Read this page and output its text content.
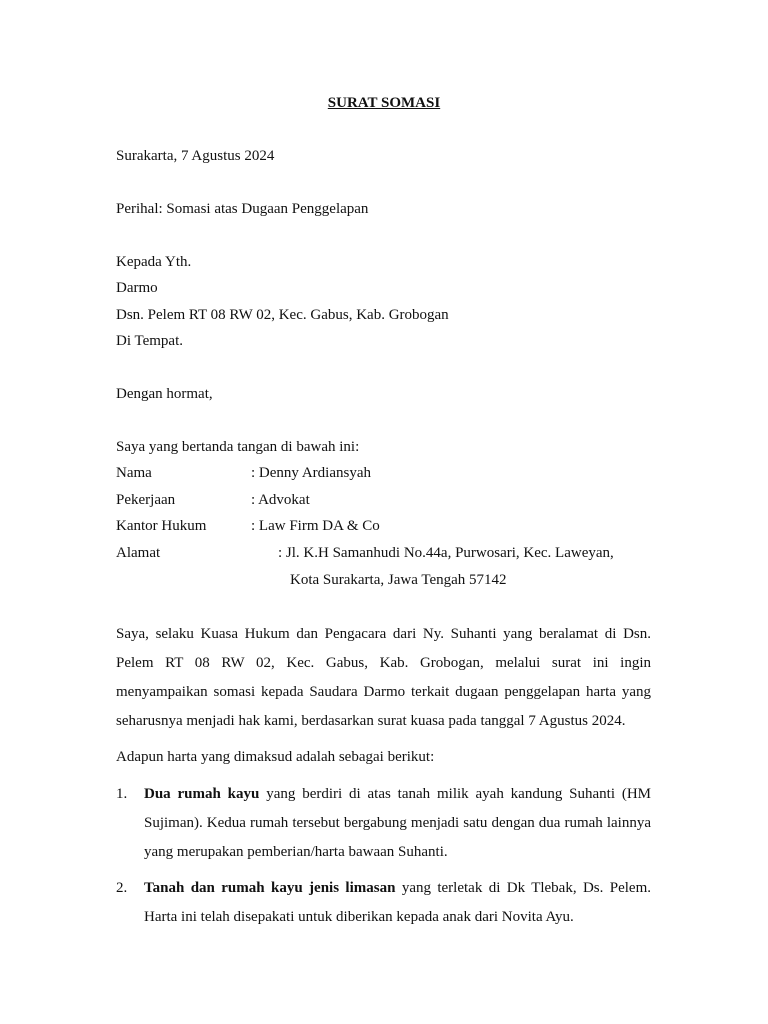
SURAT SOMASI
Surakarta, 7 Agustus 2024
Perihal: Somasi atas Dugaan Penggelapan
Kepada Yth.
Darmo
Dsn. Pelem RT 08 RW 02, Kec. Gabus, Kab. Grobogan
Di Tempat.
Dengan hormat,
Saya yang bertanda tangan di bawah ini:
Nama	: Denny Ardiansyah
Pekerjaan	: Advokat
Kantor Hukum	: Law Firm DA & Co
Alamat	: Jl. K.H Samanhudi No.44a, Purwosari, Kec. Laweyan,
Kota Surakarta, Jawa Tengah 57142
Saya, selaku Kuasa Hukum dan Pengacara dari Ny. Suhanti yang beralamat di Dsn. Pelem RT 08 RW 02, Kec. Gabus, Kab. Grobogan, melalui surat ini ingin menyampaikan somasi kepada Saudara Darmo terkait dugaan penggelapan harta yang seharusnya menjadi hak kami, berdasarkan surat kuasa pada tanggal 7 Agustus 2024.
Adapun harta yang dimaksud adalah sebagai berikut:
1. Dua rumah kayu yang berdiri di atas tanah milik ayah kandung Suhanti (HM Sujiman). Kedua rumah tersebut bergabung menjadi satu dengan dua rumah lainnya yang merupakan pemberian/harta bawaan Suhanti.
2. Tanah dan rumah kayu jenis limasan yang terletak di Dk Tlebak, Ds. Pelem. Harta ini telah disepakati untuk diberikan kepada anak dari Novita Ayu.
